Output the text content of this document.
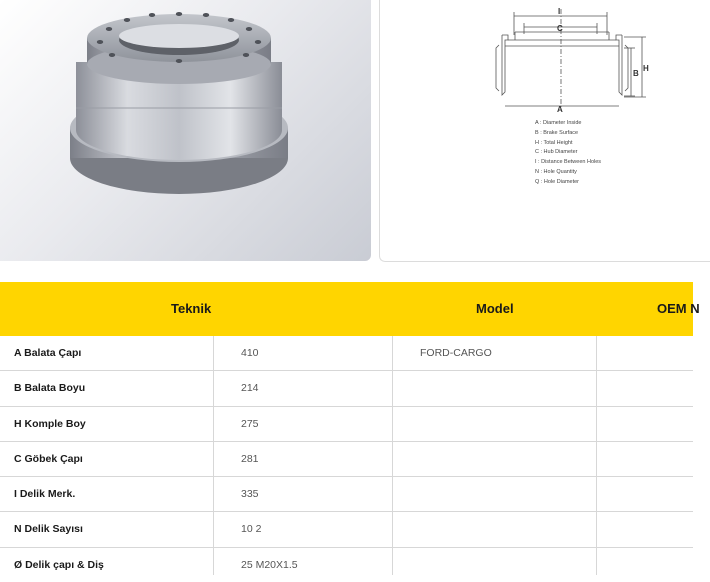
I
C
B
H
A
A : Diameter Inside
B : Brake Surface
H : Total Height
C : Hub Diameter
I : Distance Between Holes
N : Hole Quantity
Q : Hole Diameter
Teknik	Model	OEM N
A Balata Çapı	410	FORD-CARGO
B Balata Boyu	214
H Komple Boy	275
C Göbek Çapı	281
I Delik Merk.	335
N Delik Sayısı	10 2
Ø Delik çapı & Diş	25 M20X1.5
